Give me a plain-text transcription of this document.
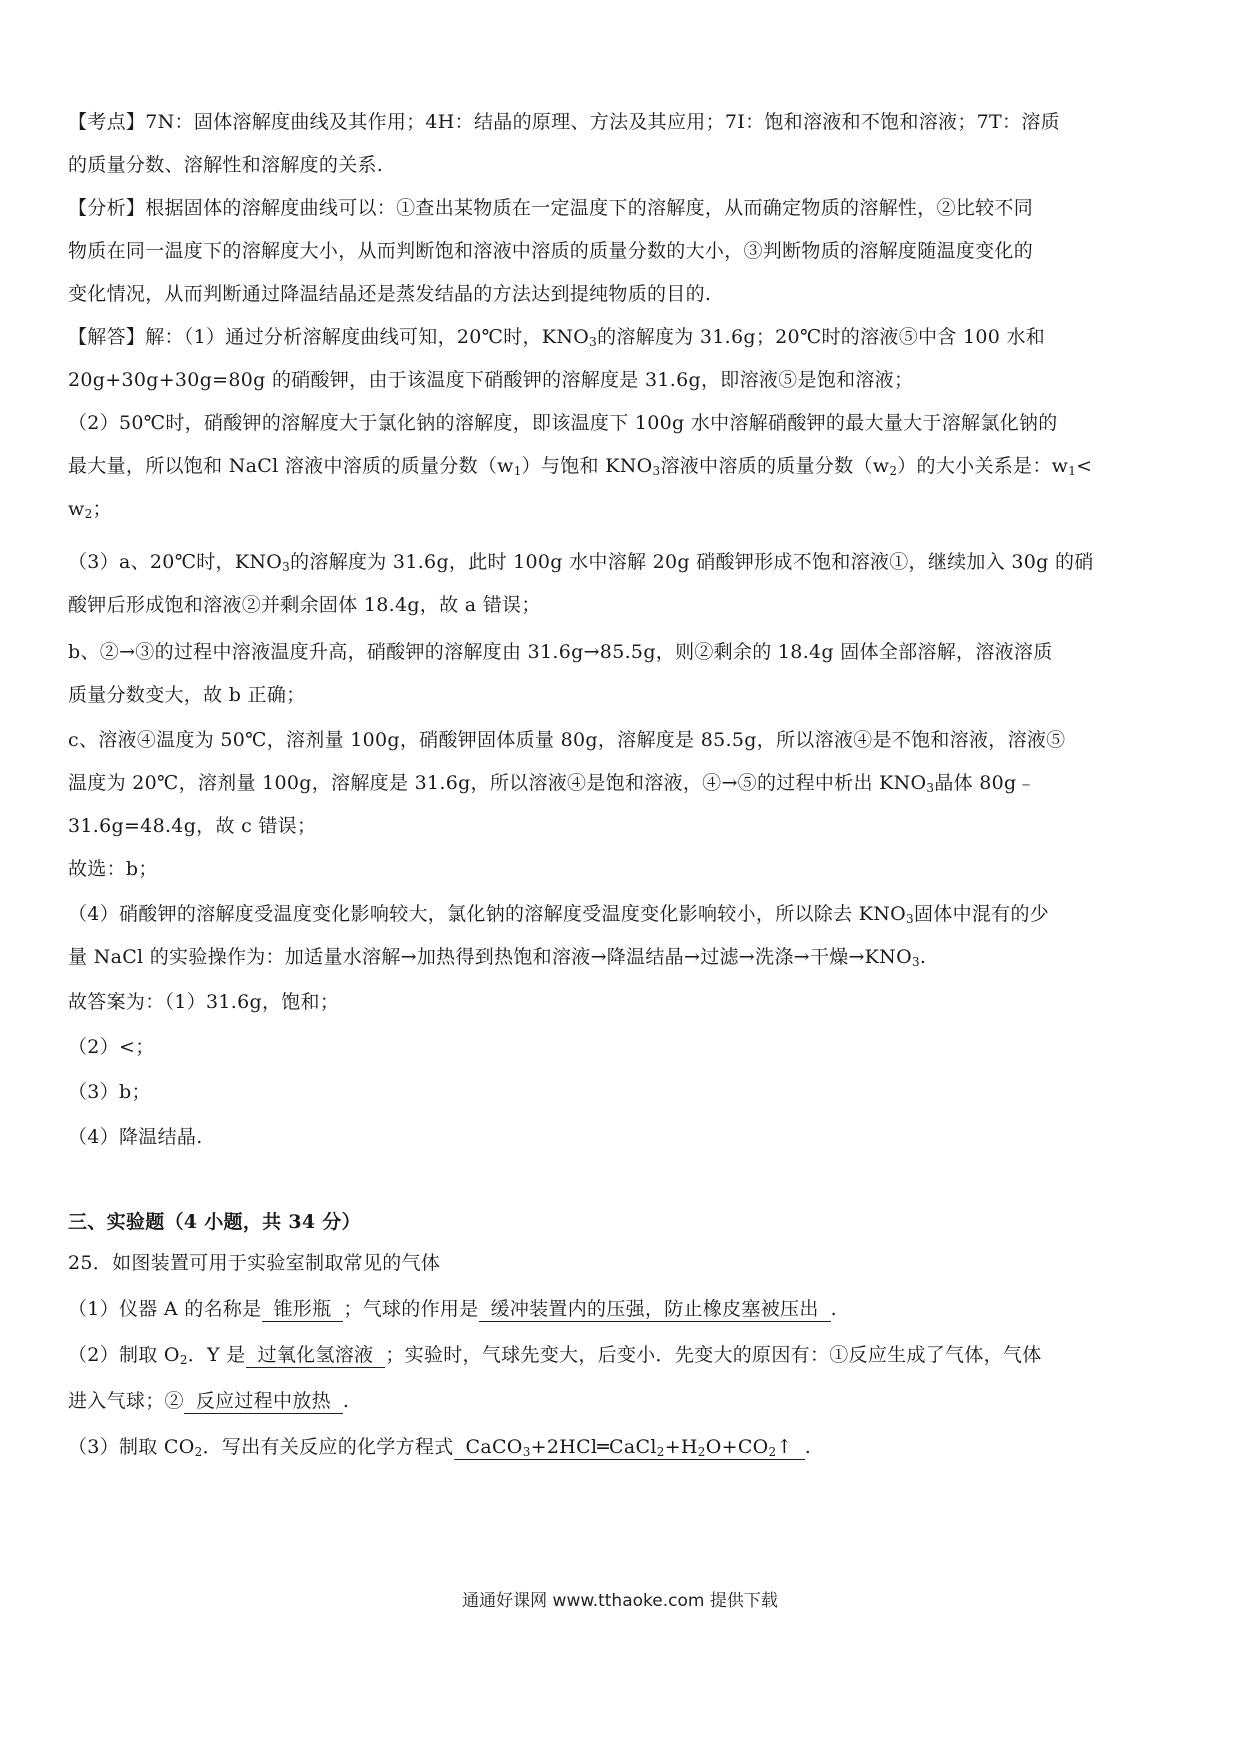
【考点】7N：固体溶解度曲线及其作用；4H：结晶的原理、方法及其应用；7I：饱和溶液和不饱和溶液；7T：溶质
的质量分数、溶解性和溶解度的关系.
【分析】根据固体的溶解度曲线可以：①查出某物质在一定温度下的溶解度，从而确定物质的溶解性，②比较不同
物质在同一温度下的溶解度大小，从而判断饱和溶液中溶质的质量分数的大小，③判断物质的溶解度随温度变化的
变化情况，从而判断通过降温结晶还是蒸发结晶的方法达到提纯物质的目的.
【解答】解：（1）通过分析溶解度曲线可知，20℃时，$KNO_3$的溶解度为 31.6g；20℃时的溶液⑤中含 100 水和
20g+30g+30g=80g 的硝酸钾，由于该温度下硝酸钾的溶解度是 31.6g，即溶液⑤是饱和溶液；
（2）50℃时，硝酸钾的溶解度大于氯化钠的溶解度，即该温度下 100g 水中溶解硝酸钾的最大量大于溶解氯化钠的
最大量，所以饱和 NaCl 溶液中溶质的质量分数$(w_1)$与饱和 $KNO_3$溶液中溶质的质量分数$(w_2)$的大小关系是：$w_1<$
$w_2$；
（3）a、20℃时，$KNO_3$的溶解度为 31.6g，此时 100g 水中溶解 20g 硝酸钾形成不饱和溶液①，继续加入 30g 的硝
酸钾后形成饱和溶液②并剩余固体 18.4g，故 a 错误；
b、②→③的过程中溶液温度升高，硝酸钾的溶解度由 31.6g→85.5g，则②剩余的 18.4g 固体全部溶解，溶液溶质
质量分数变大，故 b 正确；
c、溶液④温度为 50℃，溶剂量 100g，硝酸钾固体质量 80g，溶解度是 85.5g，所以溶液④是不饱和溶液，溶液⑤
温度为 20℃，溶剂量 100g，溶解度是 31.6g，所以溶液④是饱和溶液，④→⑤的过程中析出 $KNO_3$晶体 80g﹣
31.6g=48.4g，故 c 错误；
故选：b；
（4）硝酸钾的溶解度受温度变化影响较大，氯化钠的溶解度受温度变化影响较小，所以除去 $KNO_3$固体中混有的少
量 NaCl 的实验操作为：加适量水溶解→加热得到热饱和溶液→降温结晶→过滤→洗涤→干燥$\to KNO_3$.
故答案为：（1）31.6g，饱和；
（2）<；
（3）b；
（4）降温结晶.
三、实验题（4 小题，共 34 分）
25．如图装置可用于实验室制取常见的气体
（1）仪器 A 的名称是 锥形瓶 ；气球的作用是 缓冲装置内的压强，防止橡皮塞被压出 .
（2）制取 $O_2$．Y 是 过氧化氢溶液 ；实验时，气球先变大，后变小．先变大的原因有：①反应生成了气体，气体
进入气球；② 反应过程中放热 .
（3）制取 $CO_2$．写出有关反应的化学方程式 $CaCO_3+2HCl═CaCl_2+H_2O+CO_2↑$ .
通通好课网 www.tthaoke.com 提供下载
